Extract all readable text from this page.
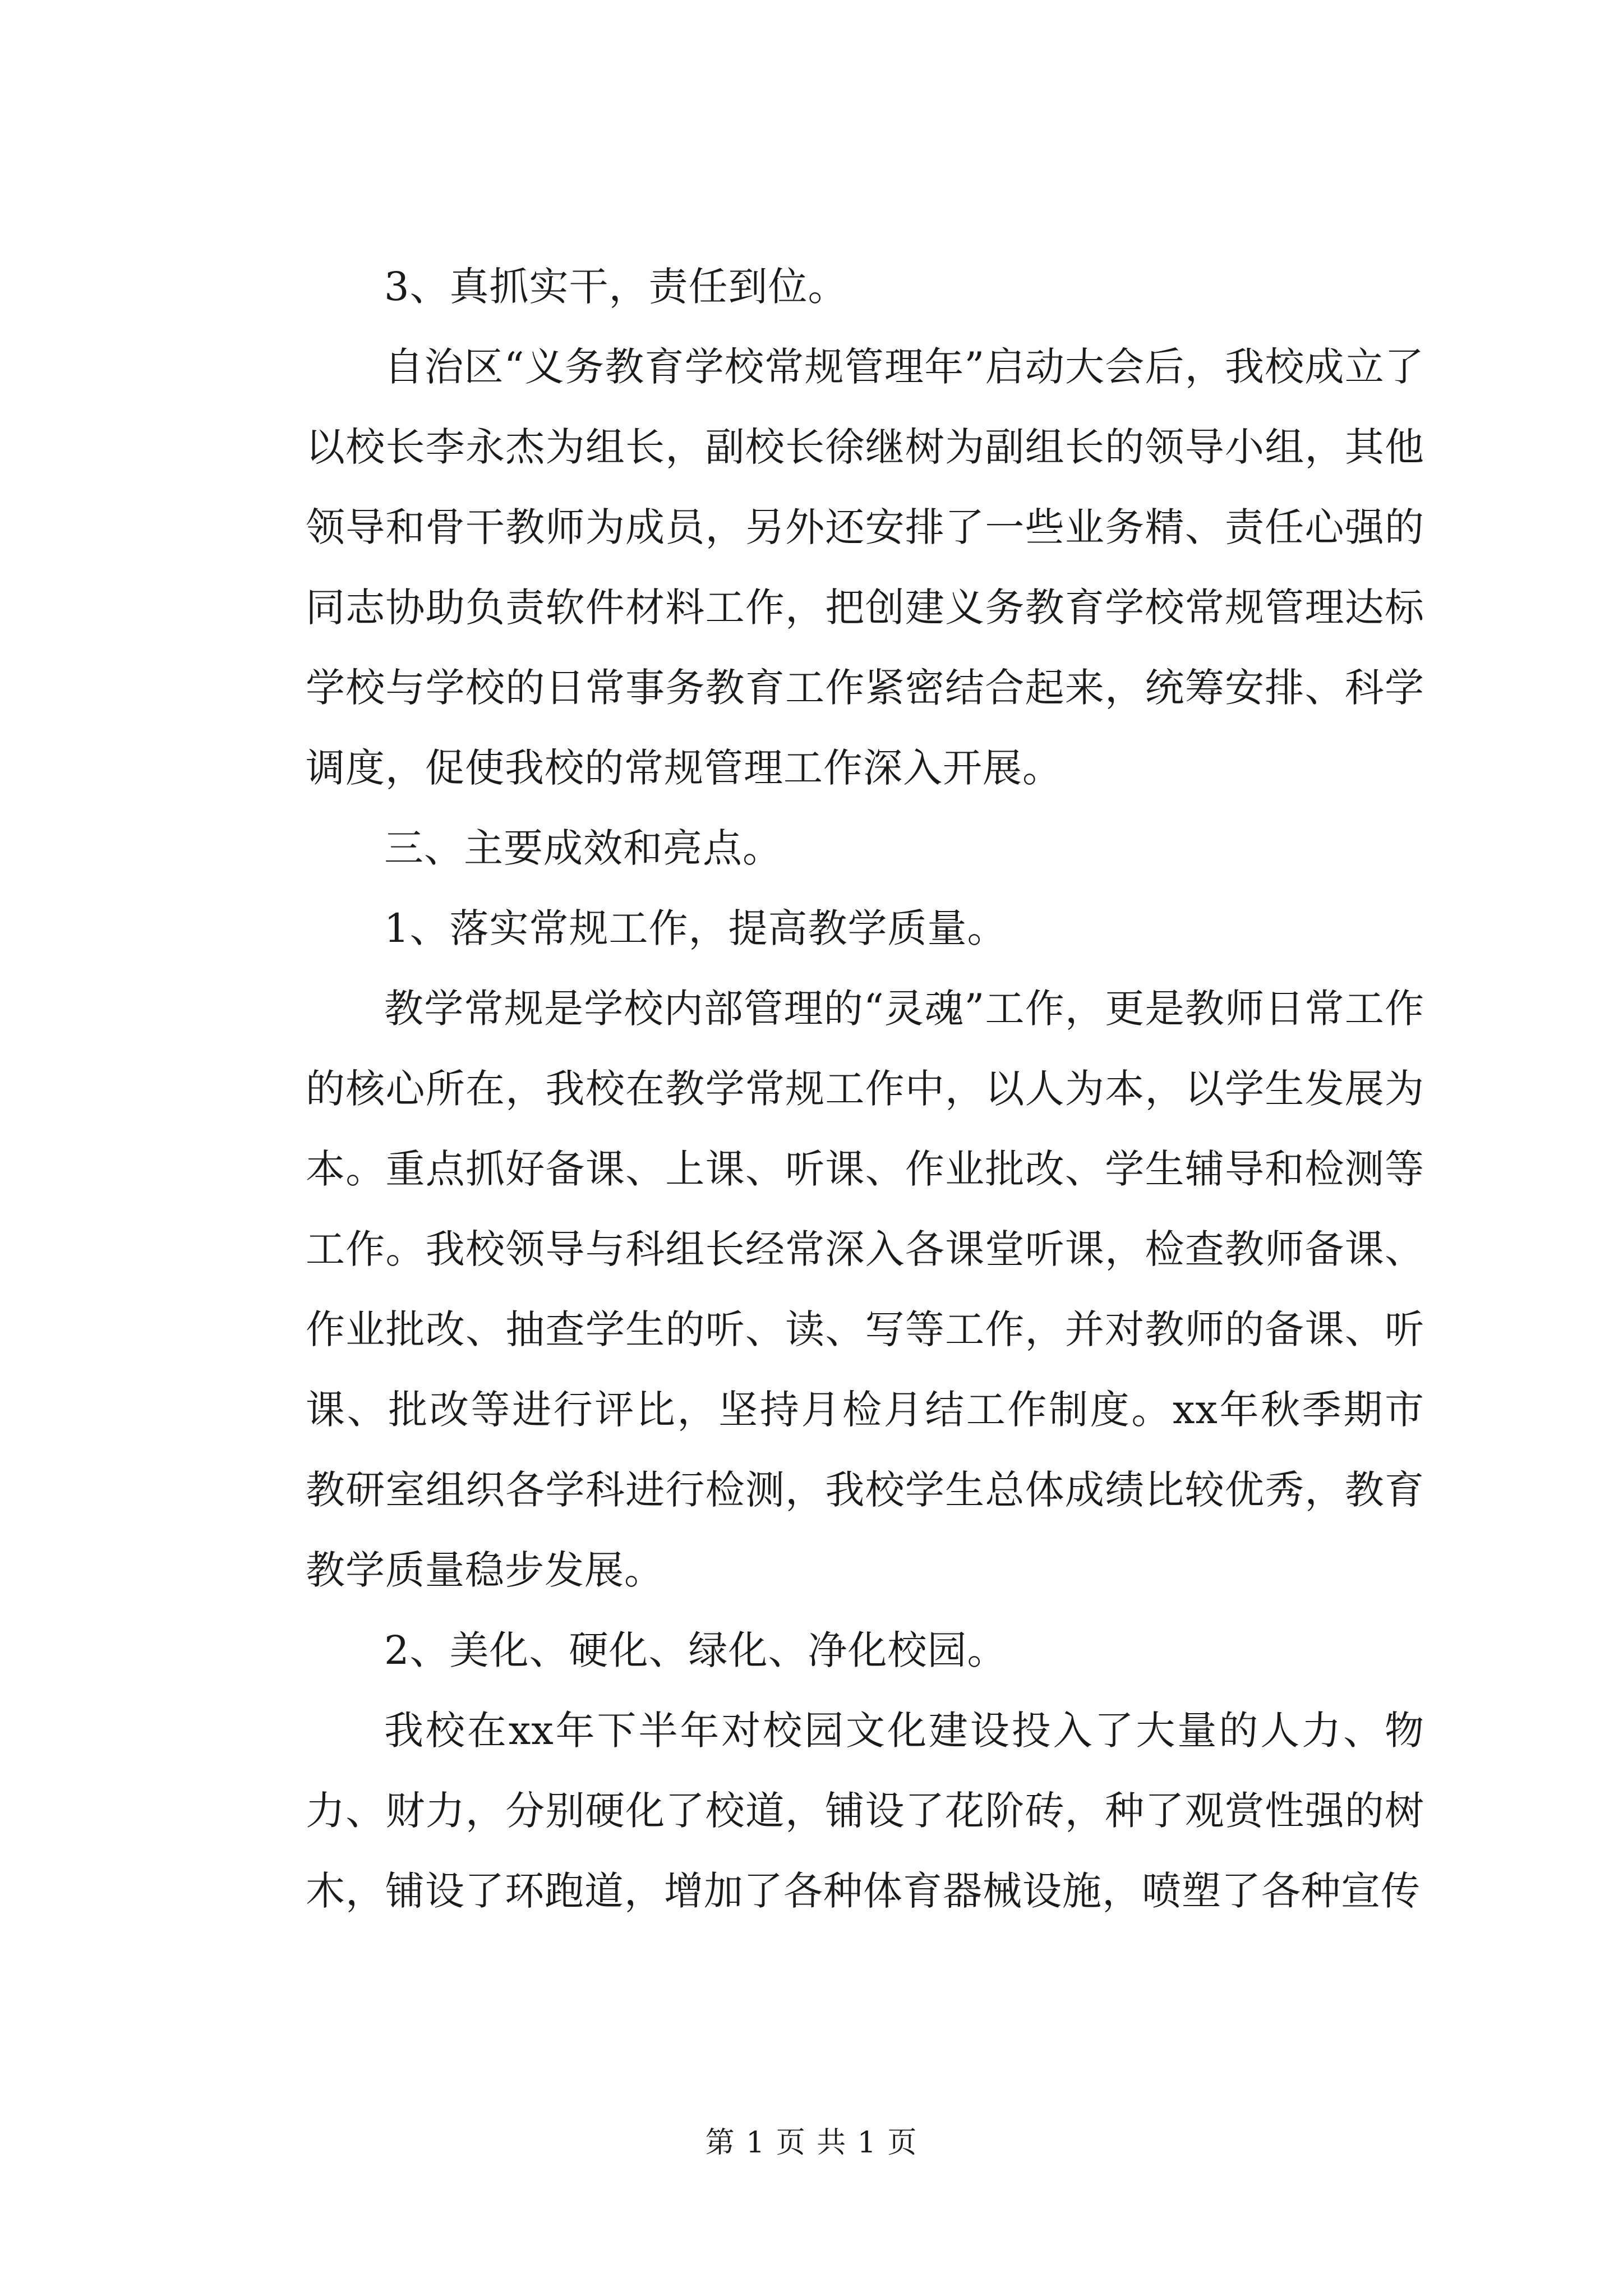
3、真抓实干，责任到位。

自治区“义务教育学校常规管理年”启动大会后，我校成立了以校长李永杰为组长，副校长徐继树为副组长的领导小组，其他领导和骨干教师为成员，另外还安排了一些业务精、责任心强的同志协助负责软件材料工作，把创建义务教育学校常规管理达标学校与学校的日常事务教育工作紧密结合起来，统筹安排、科学调度，促使我校的常规管理工作深入开展。

三、主要成效和亮点。

1、落实常规工作，提高教学质量。

教学常规是学校内部管理的“灵魂”工作，更是教师日常工作的核心所在，我校在教学常规工作中，以人为本，以学生发展为本。重点抓好备课、上课、听课、作业批改、学生辅导和检测等工作。我校领导与科组长经常深入各课堂听课，检查教师备课、作业批改、抽查学生的听、读、写等工作，并对教师的备课、听课、批改等进行评比，坚持月检月结工作制度。xx年秋季期市教研室组织各学科进行检测，我校学生总体成绩比较优秀，教育教学质量稳步发展。

2、美化、硬化、绿化、净化校园。

我校在xx年下半年对校园文化建设投入了大量的人力、物力、财力，分别硬化了校道，铺设了花阶砖，种了观赏性强的树木，铺设了环跑道，增加了各种体育器械设施，喷塑了各种宣传

第 1 页 共 1 页
